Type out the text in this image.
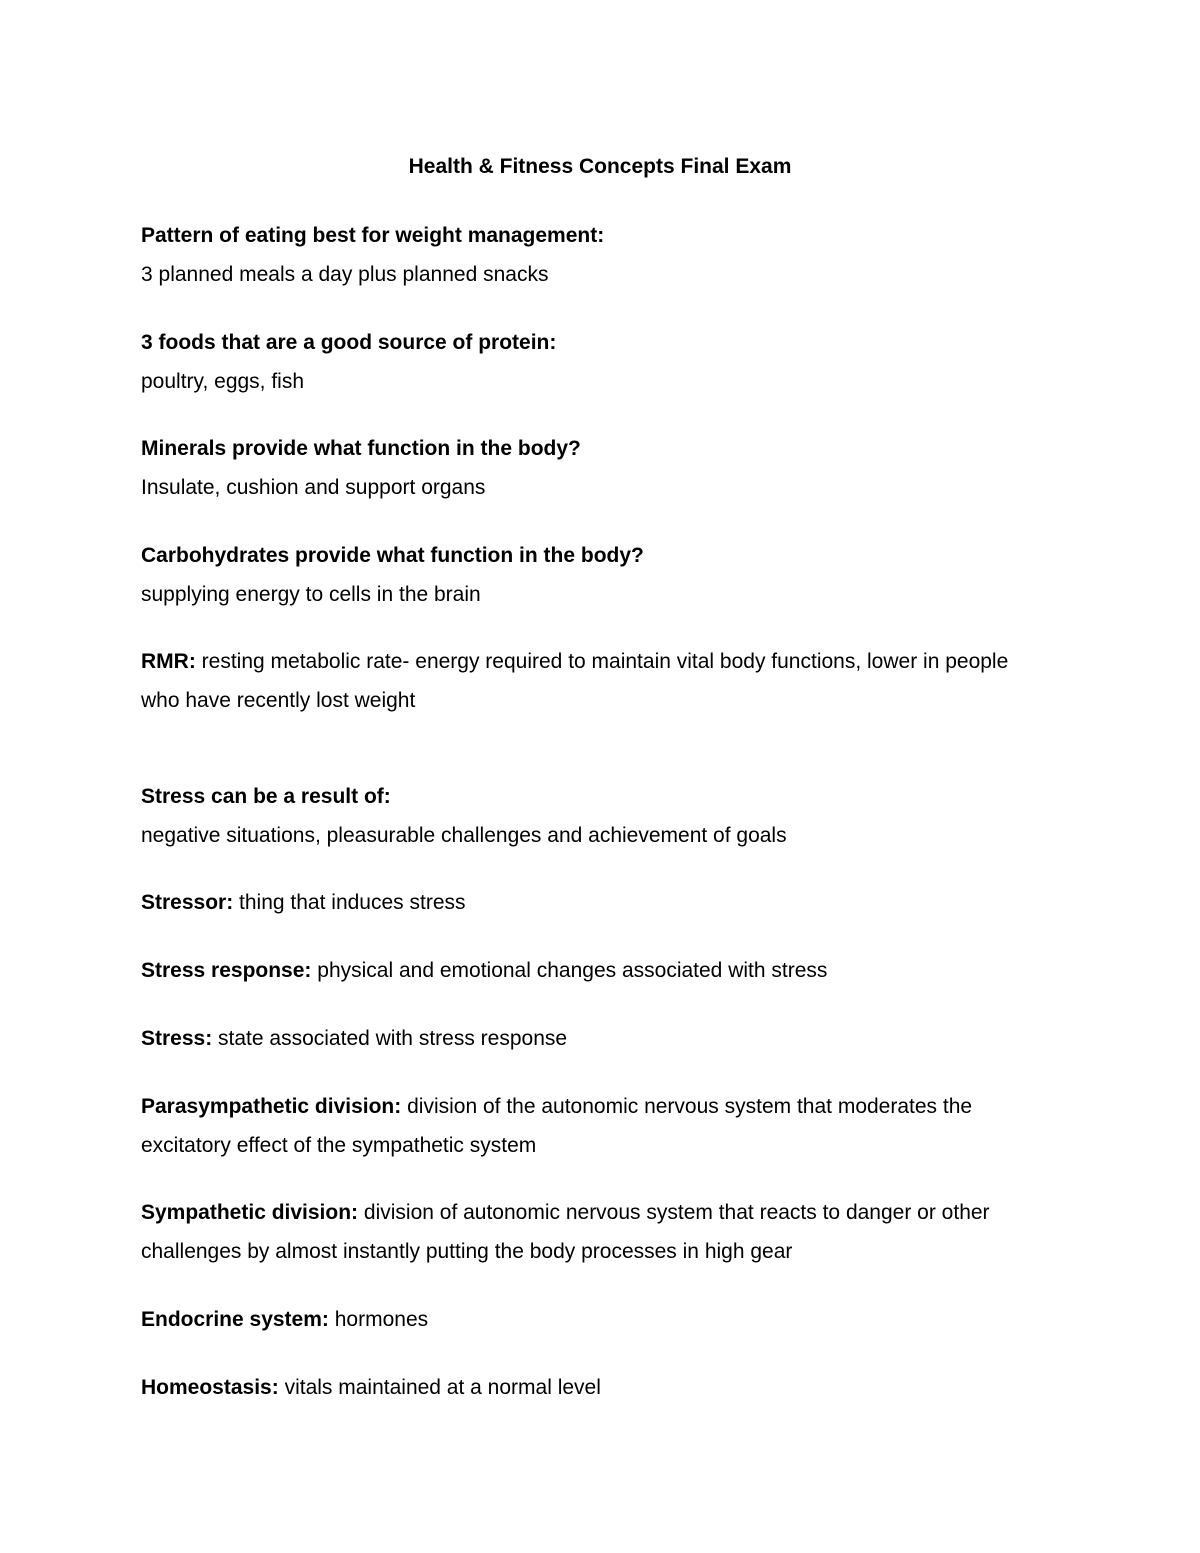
Health & Fitness Concepts Final Exam
Pattern of eating best for weight management:
3 planned meals a day plus planned snacks
3 foods that are a good source of protein:
poultry, eggs, fish
Minerals provide what function in the body?
Insulate, cushion and support organs
Carbohydrates provide what function in the body?
supplying energy to cells in the brain
RMR: resting metabolic rate- energy required to maintain vital body functions, lower in people who have recently lost weight
Stress can be a result of:
negative situations, pleasurable challenges and achievement of goals
Stressor: thing that induces stress
Stress response: physical and emotional changes associated with stress
Stress: state associated with stress response
Parasympathetic division: division of the autonomic nervous system that moderates the excitatory effect of the sympathetic system
Sympathetic division: division of autonomic nervous system that reacts to danger or other challenges by almost instantly putting the body processes in high gear
Endocrine system: hormones
Homeostasis: vitals maintained at a normal level
